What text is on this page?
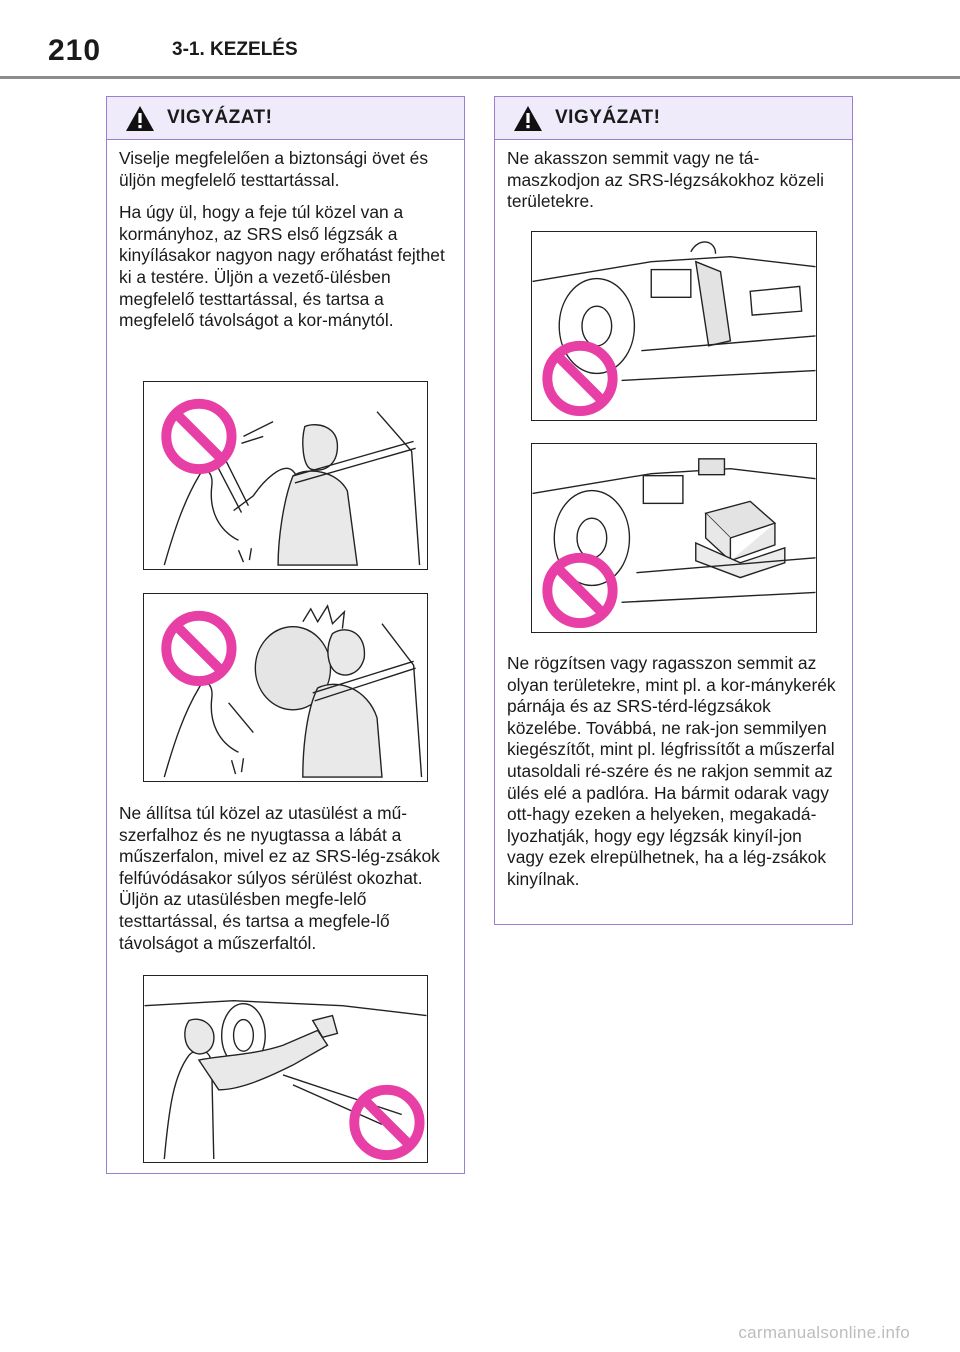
210	3-1. KEZELÉS
VIGYÁZAT!

Viselje megfelelően a biztonsági övet és üljön megfelelő testtartással.

Ha úgy ül, hogy a feje túl közel van a kormányhoz, az SRS első légzsák a kinyílásakor nagyon nagy erőhatást fejthet ki a testére. Üljön a vezető-ülésben megfelelő testtartással, és tartsa a megfelelő távolságot a kor-mánytól.

Ne állítsa túl közel az utasülést a mű-szerfalhoz és ne nyugtassa a lábát a műszerfalon, mivel ez az SRS-lég-zsákok felfúvódásakor súlyos sérülést okozhat. Üljön az utasülésben megfe-lelő testtartással, és tartsa a megfele-lő távolságot a műszerfaltól.

VIGYÁZAT!

Ne akasszon semmit vagy ne tá-maszkodjon az SRS-légzsákokhoz közeli területekre.

Ne rögzítsen vagy ragasszon semmit az olyan területekre, mint pl. a kor-mánykerék párnája és az SRS-térd-légzsákok közelébe. Továbbá, ne rak-jon semmilyen kiegészítőt, mint pl. légfrissítőt a műszerfal utasoldali ré-szére és ne rakjon semmit az ülés elé a padlóra. Ha bármit odarak vagy ott-hagy ezeken a helyeken, megakadá-lyozhatják, hogy egy légzsák kinyíl-jon vagy ezek elrepülhetnek, ha a lég-zsákok kinyílnak.

carmanualsonline.info
